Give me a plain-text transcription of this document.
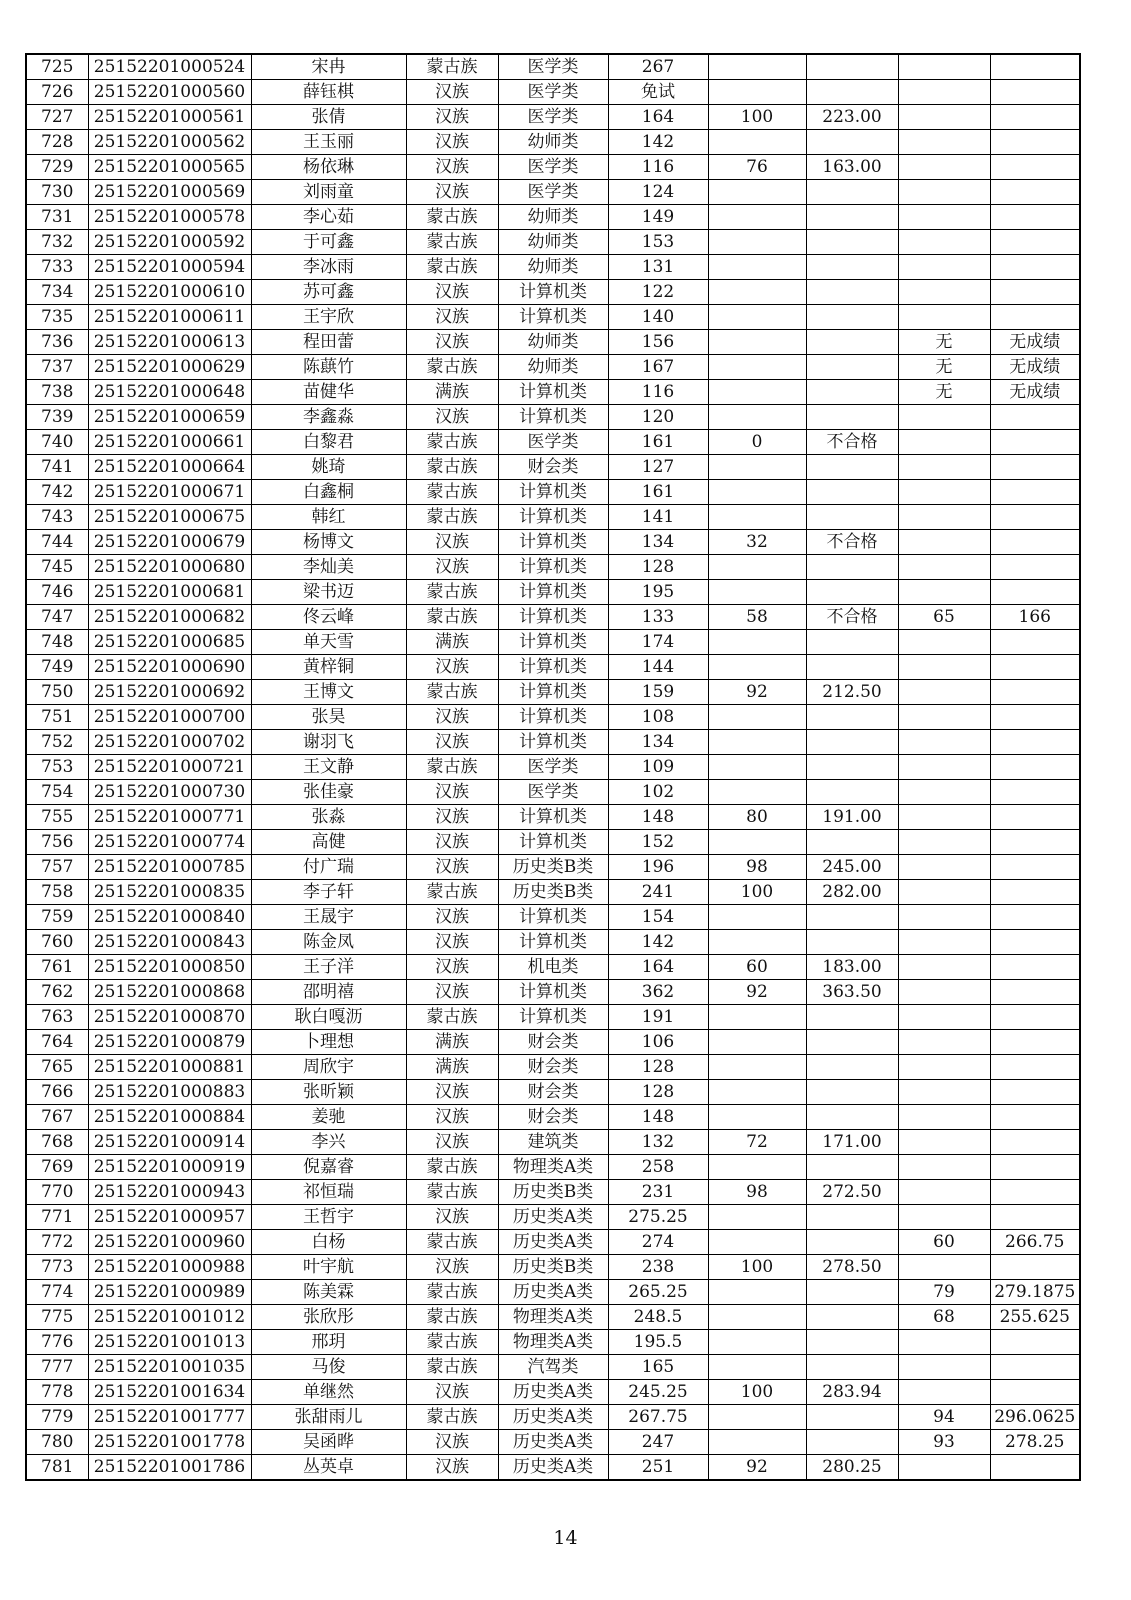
725	25152201000524	宋冉	蒙古族	医学类	267				
726	25152201000560	薛钰棋	汉族	医学类	免试				
727	25152201000561	张倩	汉族	医学类	164	100	223.00		
728	25152201000562	王玉丽	汉族	幼师类	142				
729	25152201000565	杨依琳	汉族	医学类	116	76	163.00		
730	25152201000569	刘雨童	汉族	医学类	124				
731	25152201000578	李心茹	蒙古族	幼师类	149				
732	25152201000592	于可鑫	蒙古族	幼师类	153				
733	25152201000594	李冰雨	蒙古族	幼师类	131				
734	25152201000610	苏可鑫	汉族	计算机类	122				
735	25152201000611	王宇欣	汉族	计算机类	140				
736	25152201000613	程田蕾	汉族	幼师类	156			无	无成绩
737	25152201000629	陈蕻竹	蒙古族	幼师类	167			无	无成绩
738	25152201000648	苗健华	满族	计算机类	116			无	无成绩
739	25152201000659	李鑫淼	汉族	计算机类	120				
740	25152201000661	白黎君	蒙古族	医学类	161	0	不合格		
741	25152201000664	姚琦	蒙古族	财会类	127				
742	25152201000671	白鑫桐	蒙古族	计算机类	161				
743	25152201000675	韩红	蒙古族	计算机类	141				
744	25152201000679	杨博文	汉族	计算机类	134	32	不合格		
745	25152201000680	李灿美	汉族	计算机类	128				
746	25152201000681	梁书迈	蒙古族	计算机类	195				
747	25152201000682	佟云峰	蒙古族	计算机类	133	58	不合格	65	166
748	25152201000685	单天雪	满族	计算机类	174				
749	25152201000690	黄梓铜	汉族	计算机类	144				
750	25152201000692	王博文	蒙古族	计算机类	159	92	212.50		
751	25152201000700	张昊	汉族	计算机类	108				
752	25152201000702	谢羽飞	汉族	计算机类	134				
753	25152201000721	王文静	蒙古族	医学类	109				
754	25152201000730	张佳豪	汉族	医学类	102				
755	25152201000771	张淼	汉族	计算机类	148	80	191.00		
756	25152201000774	高健	汉族	计算机类	152				
757	25152201000785	付广瑞	汉族	历史类B类	196	98	245.00		
758	25152201000835	李子轩	蒙古族	历史类B类	241	100	282.00		
759	25152201000840	王晟宇	汉族	计算机类	154				
760	25152201000843	陈金凤	汉族	计算机类	142				
761	25152201000850	王子洋	汉族	机电类	164	60	183.00		
762	25152201000868	邵明禧	汉族	计算机类	362	92	363.50		
763	25152201000870	耿白嘎沥	蒙古族	计算机类	191				
764	25152201000879	卜理想	满族	财会类	106				
765	25152201000881	周欣宇	满族	财会类	128				
766	25152201000883	张昕颖	汉族	财会类	128				
767	25152201000884	姜驰	汉族	财会类	148				
768	25152201000914	李兴	汉族	建筑类	132	72	171.00		
769	25152201000919	倪嘉睿	蒙古族	物理类A类	258				
770	25152201000943	祁恒瑞	蒙古族	历史类B类	231	98	272.50		
771	25152201000957	王哲宇	汉族	历史类A类	275.25				
772	25152201000960	白杨	蒙古族	历史类A类	274			60	266.75
773	25152201000988	叶宇航	汉族	历史类B类	238	100	278.50		
774	25152201000989	陈美霖	蒙古族	历史类A类	265.25			79	279.1875
775	25152201001012	张欣彤	蒙古族	物理类A类	248.5			68	255.625
776	25152201001013	邢玥	蒙古族	物理类A类	195.5				
777	25152201001035	马俊	蒙古族	汽驾类	165				
778	25152201001634	单继然	汉族	历史类A类	245.25	100	283.94		
779	25152201001777	张甜雨儿	蒙古族	历史类A类	267.75			94	296.0625
780	25152201001778	吴函晔	汉族	历史类A类	247			93	278.25
781	25152201001786	丛英卓	汉族	历史类A类	251	92	280.25		
14
